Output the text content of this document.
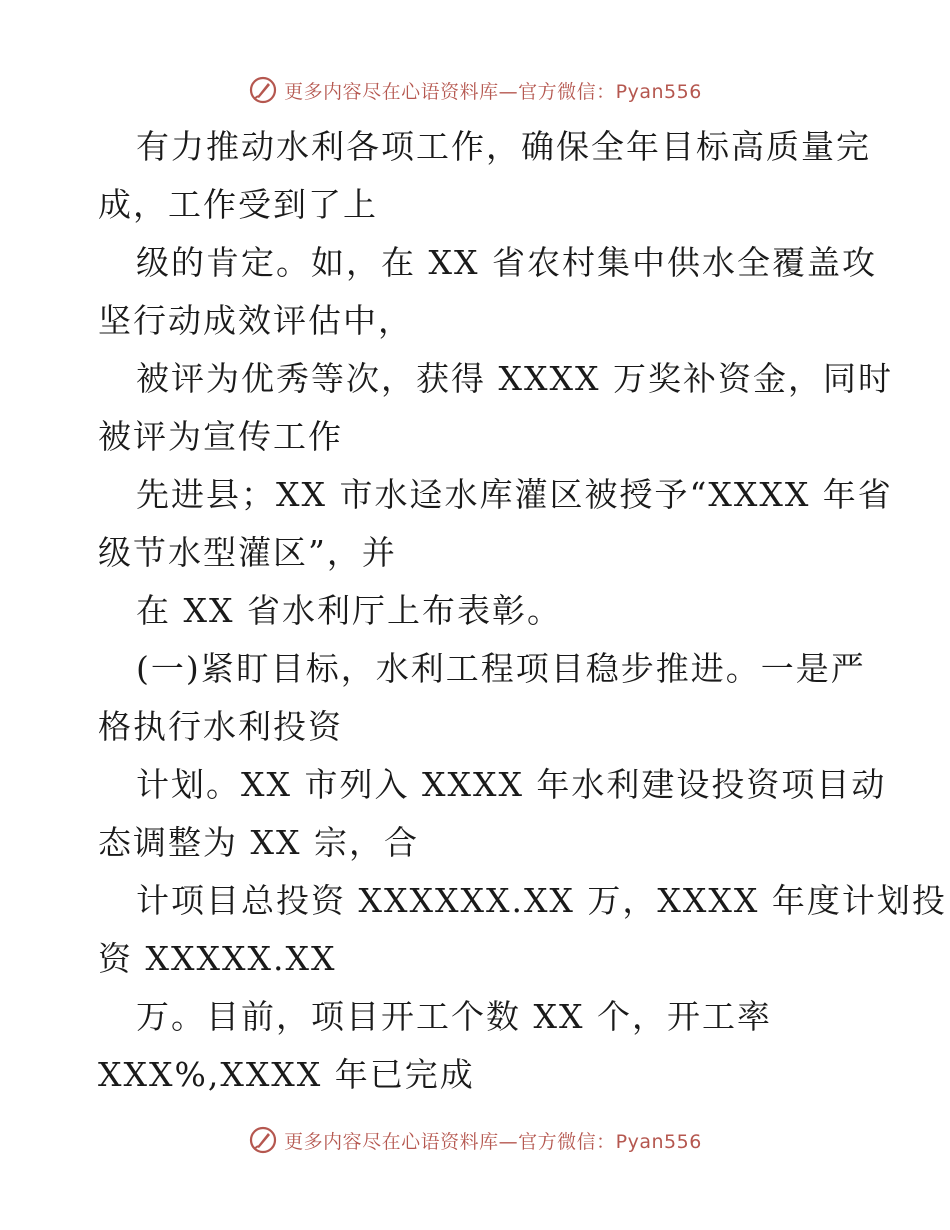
更多内容尽在心语资料库—官方微信：Pyan556
有力推动水利各项工作，确保全年目标高质量完
成，工作受到了上
级的肯定。如，在 XX 省农村集中供水全覆盖攻
坚行动成效评估中，
被评为优秀等次，获得 XXXX 万奖补资金，同时
被评为宣传工作
先进县；XX 市水迳水库灌区被授予“XXXX 年省
级节水型灌区”，并
在 XX 省水利厅上布表彰。
(一)紧盯目标，水利工程项目稳步推进。一是严
格执行水利投资
计划。XX 市列入 XXXX 年水利建设投资项目动
态调整为 XX 宗，合
计项目总投资 XXXXXX.XX 万，XXXX 年度计划投
资 XXXXX.XX
万。目前，项目开工个数 XX 个，开工率
XXX%,XXXX 年已完成
更多内容尽在心语资料库—官方微信：Pyan556
